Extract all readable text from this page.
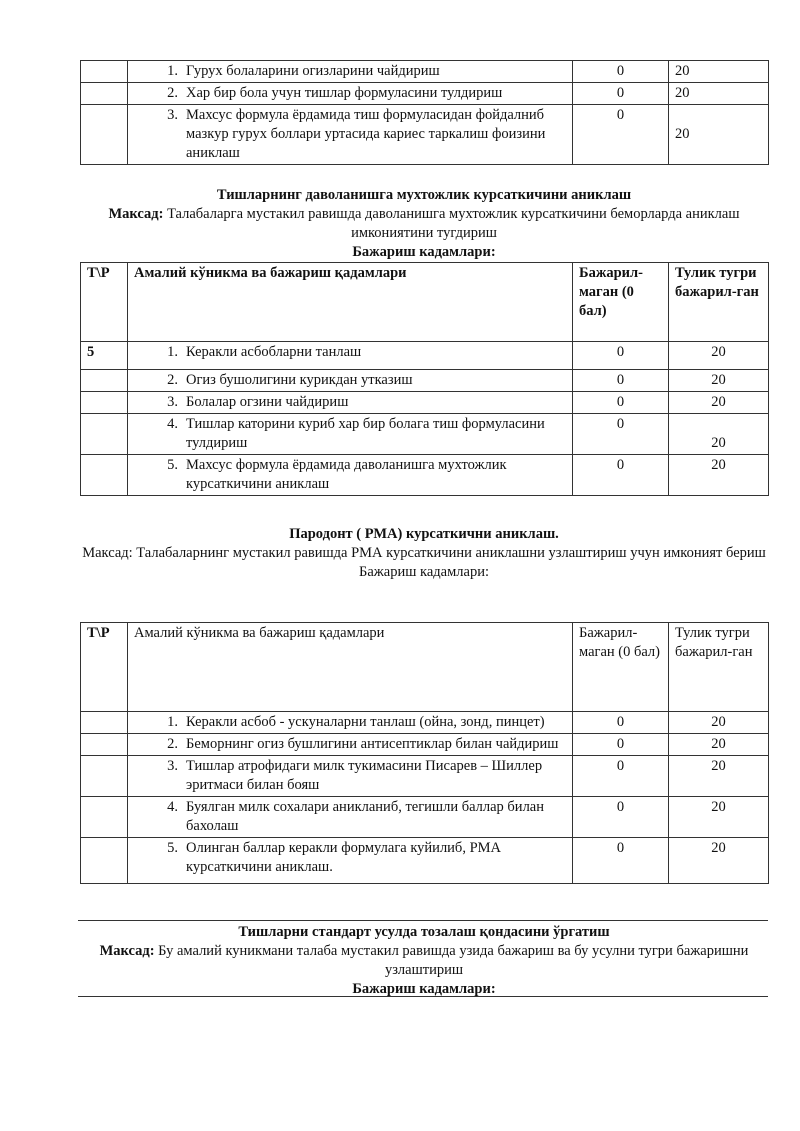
	1. Гурух болаларини огизларини чайдириш	0	20

	2. Хар бир бола учун тишлар формуласини тулдириш	0	20

	3. Махсус формула ёрдамида тиш формуласидан фойдалниб мазкур гурух боллари уртасида кариес таркалиш фоизини аниклаш	0	20
Тишларнинг даволанишга мухтожлик курсаткичини аниклаш
Максад: Талабаларга мустакил равишда даволанишга мухтожлик курсаткичини беморларда аниклаш имкониятини тугдириш
Бажариш кадамлари:
Т\Р	Амалий кўникма ва бажариш қадамлари	Бажарил-маган (0 бал)	Тулик тугри бажарил-ган
5	1. Керакли асбобларни танлаш	0	20

	2. Огиз бушолигини курикдан утказиш	0	20

	3. Болалар огзини чайдириш	0	20

	4. Тишлар каторини куриб хар бир болага тиш формуласини тулдириш	0	20

	5. Махсус формула ёрдамида даволанишга мухтожлик курсаткичини аниклаш	0	20
Пародонт ( РМА) курсаткични аниклаш.
Максад: Талабаларнинг мустакил равишда РМА курсаткичини аниклашни узлаштириш учун имконият бериш
Бажариш кадамлари:
Т\Р	Амалий кўникма ва бажариш қадамлари	Бажарил-маган (0 бал)	Тулик тугри бажарил-ган

	1. Керакли асбоб - ускуналарни танлаш (ойна, зонд, пинцет)	0	20

	2. Беморнинг огиз бушлигини антисептиклар билан чайдириш	0	20

	3. Тишлар атрофидаги милк тукимасини Писарев – Шиллер эритмаси билан бояш	0	20

	4. Буялган милк сохалари аникланиб, тегишли баллар билан бахолаш	0	20

	5. Олинган баллар керакли формулага куйилиб, РМА курсаткичини аниклаш.	0	20
Тишларни стандарт усулда тозалаш қондасини ўргатиш
Максад: Бу амалий куникмани талаба мустакил равишда узида бажариш ва бу усулни тугри бажаришни узлаштириш
Бажариш кадамлари:
